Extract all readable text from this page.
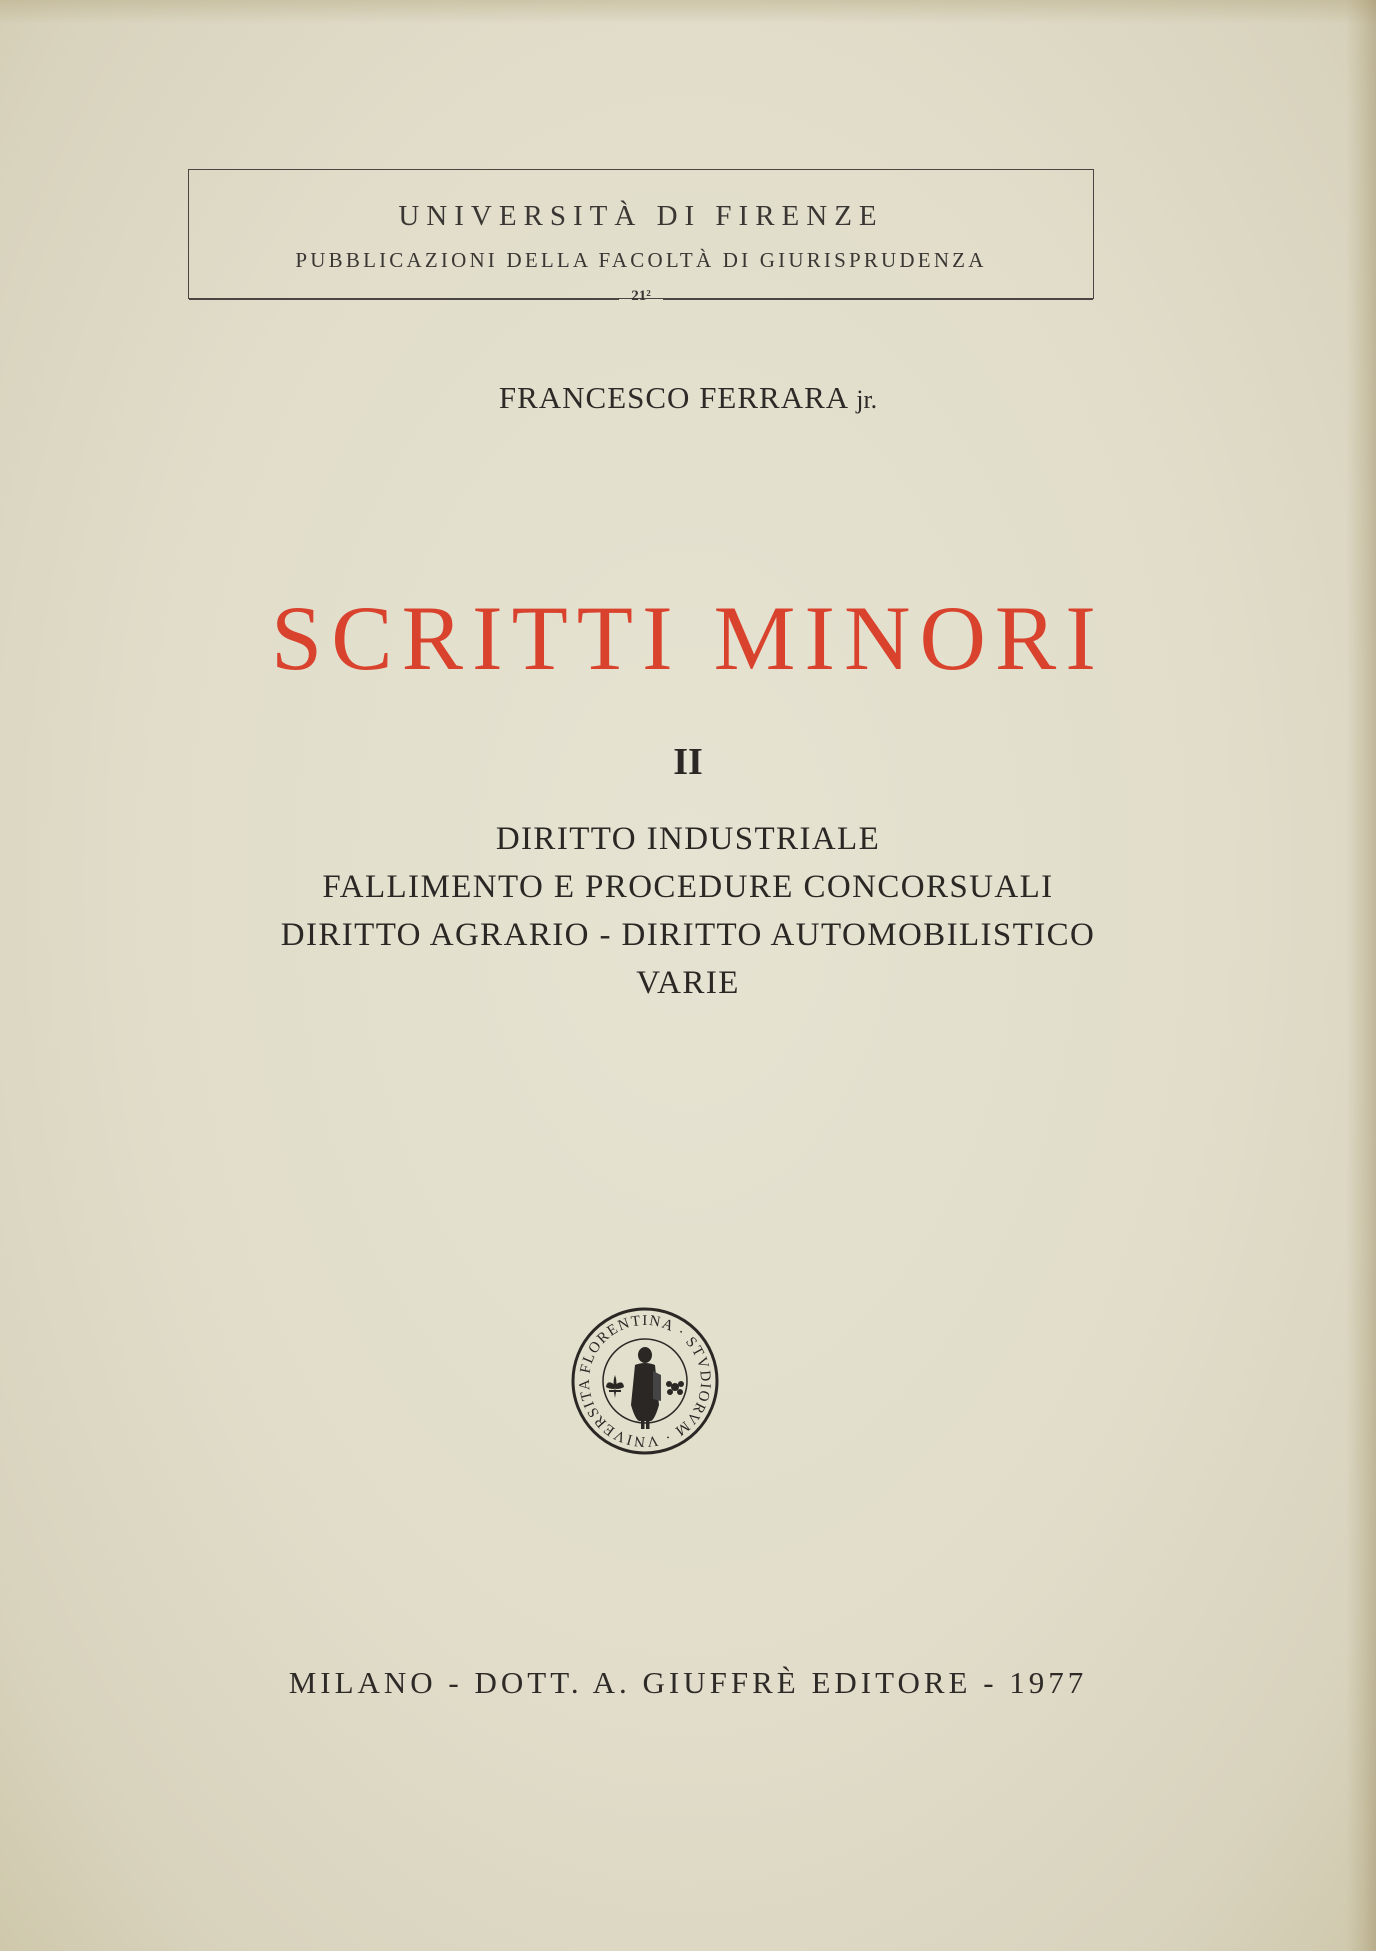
UNIVERSITÀ DI FIRENZE
PUBBLICAZIONI DELLA FACOLTÀ DI GIURISPRUDENZA
21²
FRANCESCO FERRARA jr.
SCRITTI MINORI
II
DIRITTO INDUSTRIALE
FALLIMENTO E PROCEDURE CONCORSUALI
DIRITTO AGRARIO - DIRITTO AUTOMOBILISTICO
VARIE
FLORENTINA · STVDIORVM · VNIVERSITA
MILANO - DOTT. A. GIUFFRÈ EDITORE - 1977
